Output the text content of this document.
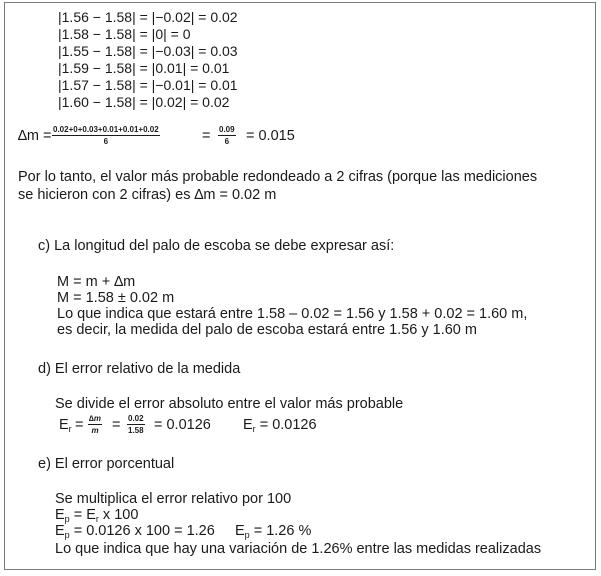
|1.56 − 1.58| = |−0.02| = 0.02
|1.58 − 1.58| = |0| = 0
|1.55 − 1.58| = |−0.03| = 0.03
|1.59 − 1.58| = |0.01| = 0.01
|1.57 − 1.58| = |−0.01| = 0.01
|1.60 − 1.58| = |0.02| = 0.02
$\Delta m = \frac{0.02+0+0.03+0.01+0.01+0.02}{6}$	= $\frac{0.09}{6} = 0.015$
Por lo tanto, el valor más probable redondeado a 2 cifras (porque las mediciones
se hicieron con 2 cifras) es ∆m = 0.02 m
c) La longitud del palo de escoba se debe expresar así:
M = m + ∆m
M = 1.58 ± 0.02 m
Lo que indica que estará entre 1.58 – 0.02 = 1.56 y 1.58 + 0.02 = 1.60 m,
es decir, la medida del palo de escoba estará entre 1.56 y 1.60 m
d) El error relativo de la medida
Se divide el error absoluto entre el valor más probable
$E_r = \frac{\Delta m}{m} = \frac{0.02}{1.58} = 0.0126$ $E_r = 0.0126$
e) El error porcentual
Se multiplica el error relativo por 100
$E_p = E_r$ x 100
$E_p = 0.0126$ x 100 = 1.26 $E_p = 1.26$ %
Lo que indica que hay una variación de 1.26% entre las medidas realizadas
